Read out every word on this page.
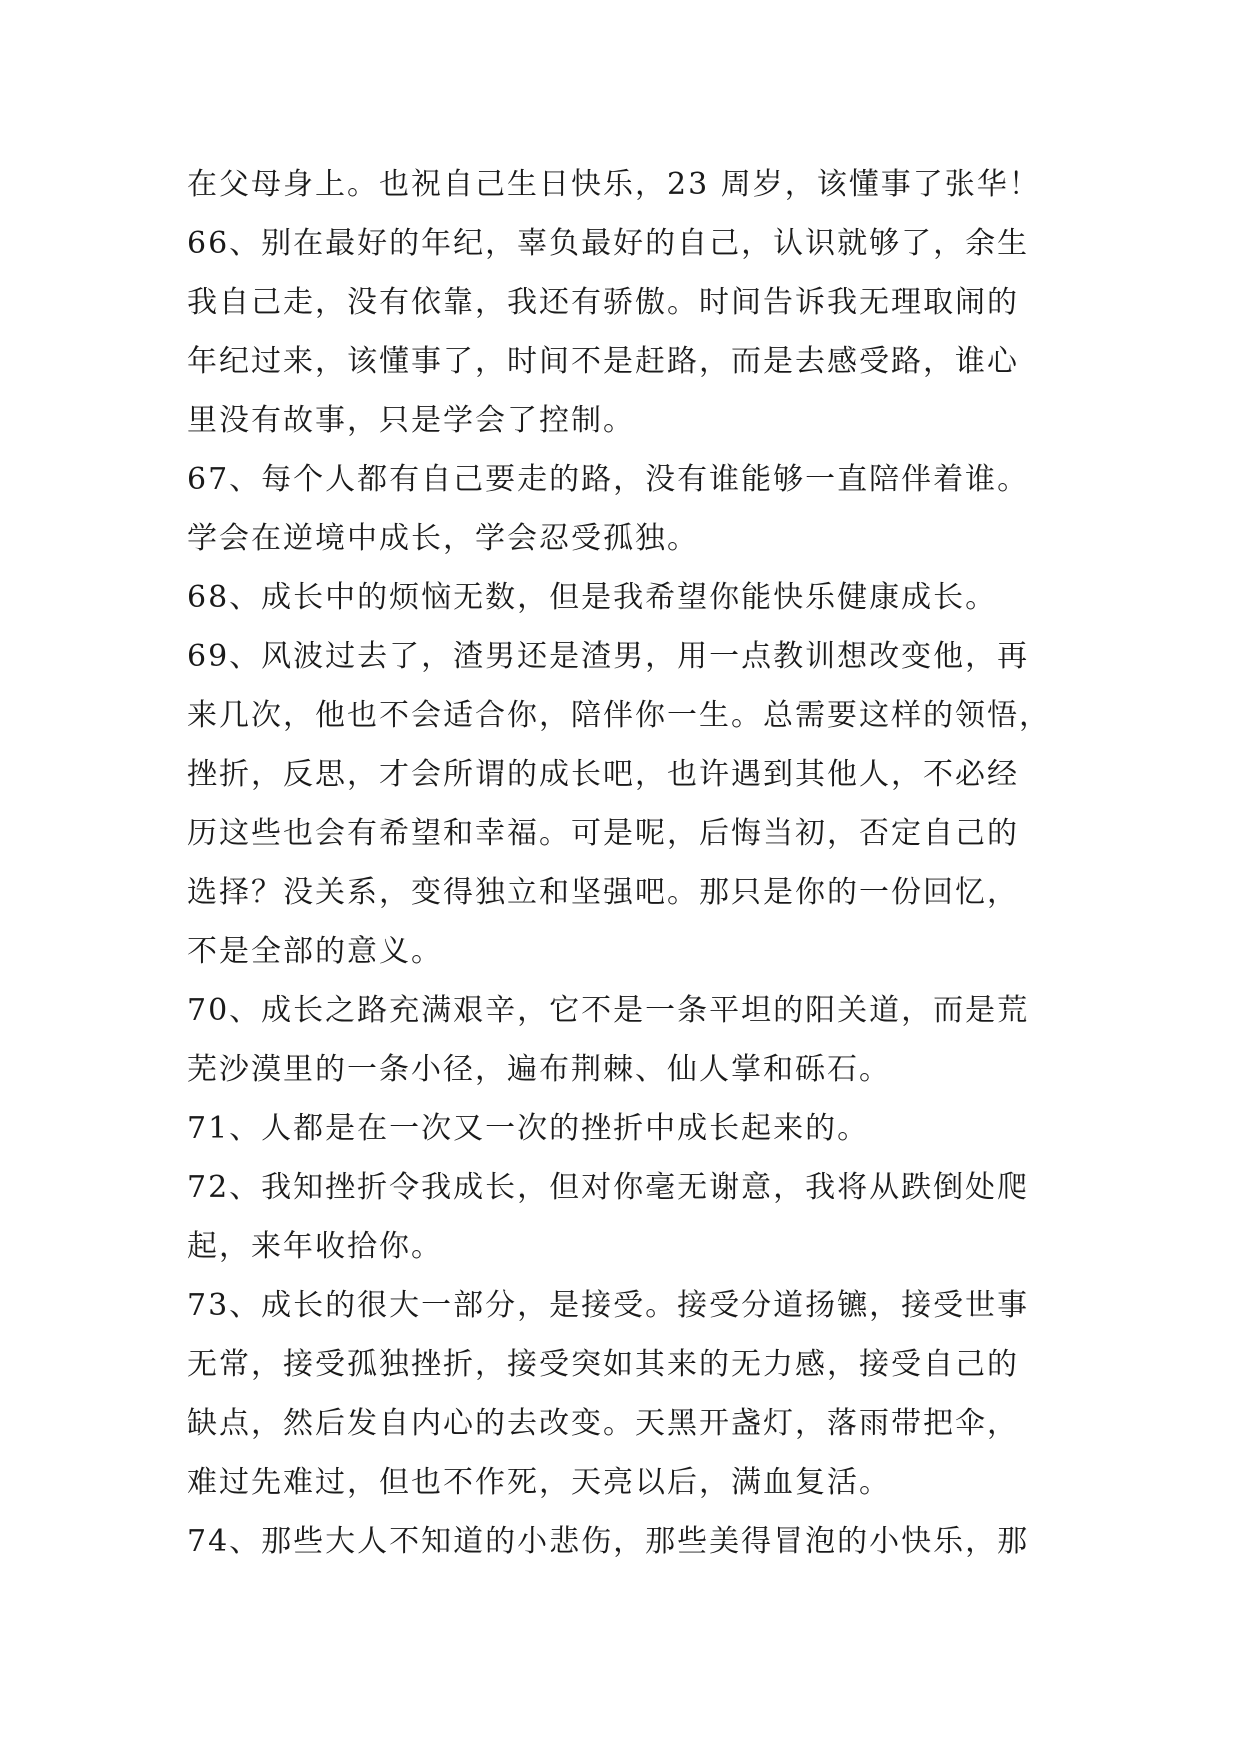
在父母身上。也祝自己生日快乐，23 周岁，该懂事了张华！
66、别在最好的年纪，辜负最好的自己，认识就够了，余生
我自己走，没有依靠，我还有骄傲。时间告诉我无理取闹的
年纪过来，该懂事了，时间不是赶路，而是去感受路，谁心
里没有故事，只是学会了控制。
67、每个人都有自己要走的路，没有谁能够一直陪伴着谁。
学会在逆境中成长，学会忍受孤独。
68、成长中的烦恼无数，但是我希望你能快乐健康成长。
69、风波过去了，渣男还是渣男，用一点教训想改变他，再
来几次，他也不会适合你，陪伴你一生。总需要这样的领悟，
挫折，反思，才会所谓的成长吧，也许遇到其他人，不必经
历这些也会有希望和幸福。可是呢，后悔当初，否定自己的
选择？没关系，变得独立和坚强吧。那只是你的一份回忆，
不是全部的意义。
70、成长之路充满艰辛，它不是一条平坦的阳关道，而是荒
芜沙漠里的一条小径，遍布荆棘、仙人掌和砾石。
71、人都是在一次又一次的挫折中成长起来的。
72、我知挫折令我成长，但对你毫无谢意，我将从跌倒处爬
起，来年收拾你。
73、成长的很大一部分，是接受。接受分道扬镳，接受世事
无常，接受孤独挫折，接受突如其来的无力感，接受自己的
缺点，然后发自内心的去改变。天黑开盏灯，落雨带把伞，
难过先难过，但也不作死，天亮以后，满血复活。
74、那些大人不知道的小悲伤，那些美得冒泡的小快乐，那
